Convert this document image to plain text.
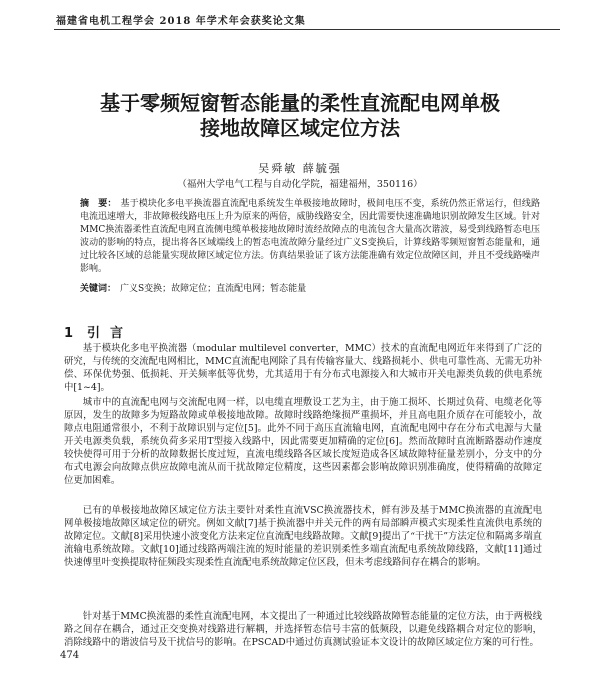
福建省电机工程学会 2018 年学术年会获奖论文集
基于零频短窗暂态能量的柔性直流配电网单极
接地故障区域定位方法
吴舜敏 薛毓强
（福州大学电气工程与自动化学院，福建福州，350116）
摘　要： 基于模块化多电平换流器直流配电系统发生单极接地故障时，极间电压不变，系统仍然正常运行，但线路电流迅速增大，非故障极线路电压上升为原来的两倍，威胁线路安全，因此需要快速准确地识别故障发生区域。针对MMC换流器柔性直流配电网直流侧电缆单极接地故障时流经故障点的电流包含大量高次谐波，易受到线路暂态电压波动的影响的特点，提出将各区域端线上的暂态电流故障分量经过广义S变换后，计算线路零频短窗暂态能量和，通过比较各区域的总能量实现故障区域定位方法。仿真结果验证了该方法能准确有效定位故障区间，并且不受线路噪声影响。
关键词： 广义S变换；故障定位；直流配电网；暂态能量
1 引言

基于模块化多电平换流器（modular multilevel converter，MMC）技术的直流配电网近年来得到了广泛的研究，与传统的交流配电网相比，MMC直流配电网除了具有传输容量大、线路损耗小、供电可靠性高、无需无功补偿、环保优势强、低损耗、开关频率低等优势，尤其适用于有分布式电源接入和大城市开关电源类负载的供电系统中[1~4]。

城市中的直流配电网与交流配电网一样，以电缆直埋敷设工艺为主，由于施工损坏、长期过负荷、电缆老化等原因，发生的故障多为短路故障或单极接地故障。故障时线路绝缘损严重损坏，并且高电阻介质存在可能较小，故障点电阻通常很小，不利于故障识别与定位[5]。此外不同于高压直流输电网，直流配电网中存在分布式电源与大量开关电源类负载，系统负荷多采用T型接入线路中，因此需要更加精确的定位[6]。然而故障时直流断路器动作速度较快使得可用于分析的故障数据长度过短，直流电缆线路各区域长度短造成各区域故障特征量差别小，分支中的分布式电源会向故障点供应故障电流从而干扰故障定位精度，这些因素都会影响故障识别准确度，使得精确的故障定位更加困难。

已有的单极接地故障区域定位方法主要针对柔性直流VSC换流器技术，鲜有涉及基于MMC换流器的直流配电网单极接地故障区域定位的研究。例如文献[7]基于换流器中并关元件的两有局部瞬声模式实现柔性直流供电系统的故障定位。文献[8]采用快速小波变化方法来定位直流配电线路故障。文献[9]提出了“干扰干”方法定位和隔离多端直流输电系统故障。文献[10]通过线路两端注流的短时能量的差识别柔性多端直流配电系统故障线路，文献[11]通过快速傅里叶变换提取特征频段实现柔性直流配电系统故障定位区段，但未考虑线路间存在耦合的影响。

针对基于MMC换流器的柔性直流配电网，本文提出了一种通过比较线路故障暂态能量的定位方法，由于两极线路之间存在耦合，通过正交变换对线路进行解耦，并选择暂态信号丰富的低频段，以避免线路耦合对定位的影响，消除线路中的谐波信号及干扰信号的影响。在PSCAD中通过仿真测试验证本文设计的故障区域定位方案的可行性。

474
